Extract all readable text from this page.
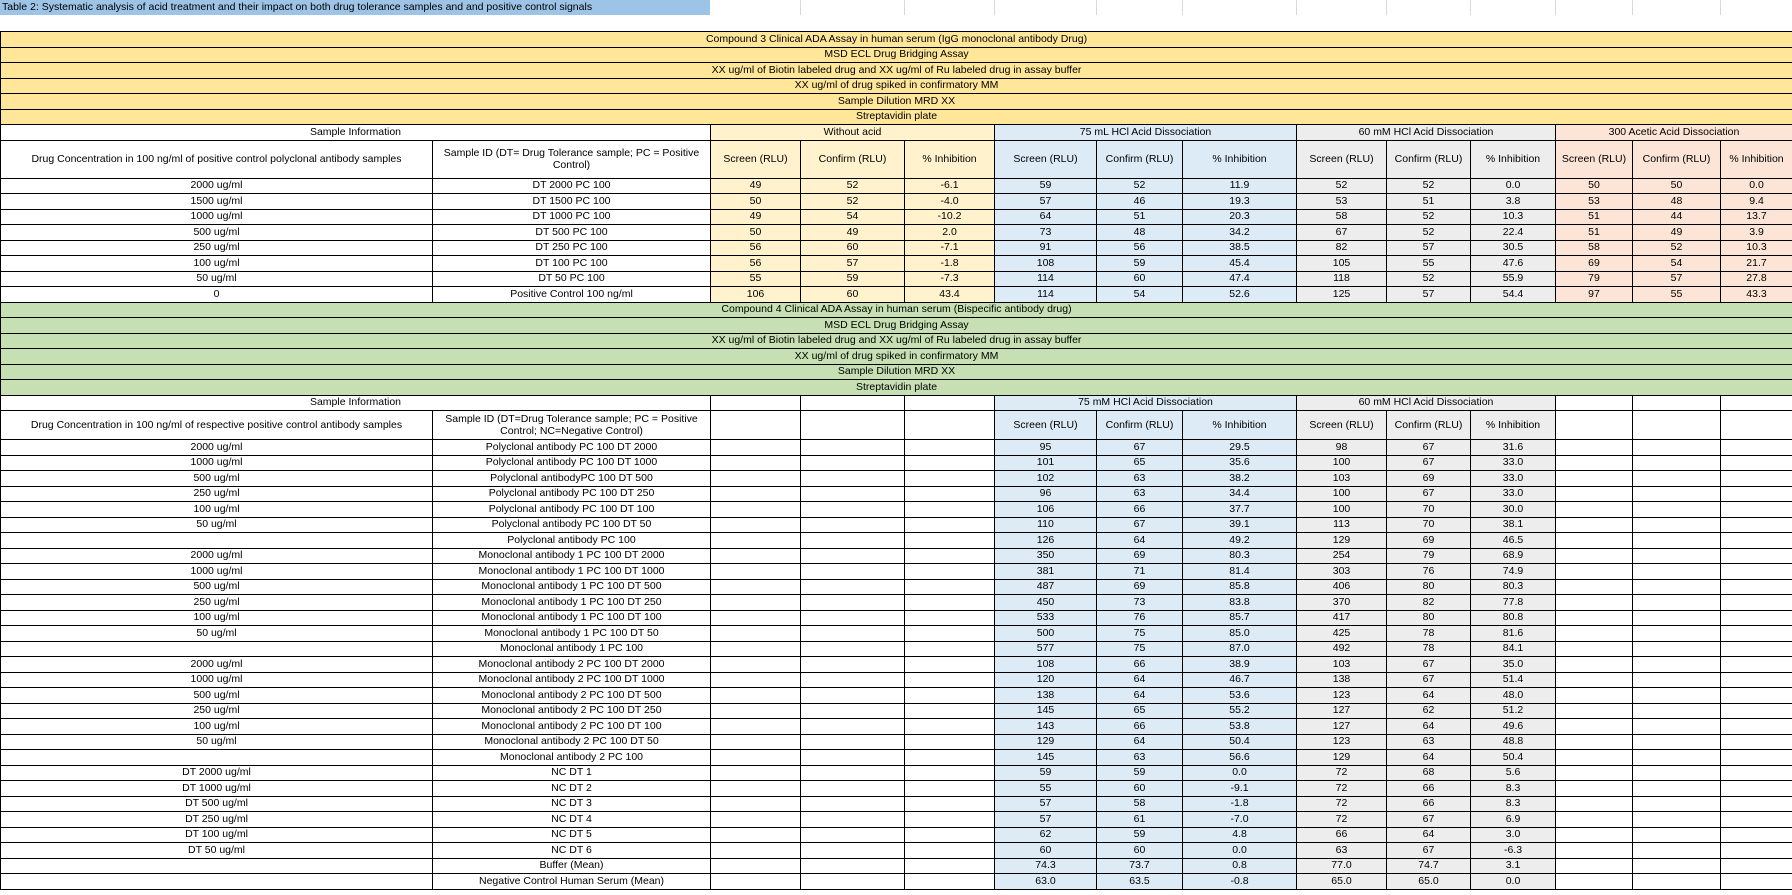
Table 2: Systematic analysis of acid treatment and their impact on both drug tolerance samples and and positive control signals
Compound 3 Clinical ADA Assay in human serum (IgG monoclonal antibody Drug)													
MSD ECL Drug Bridging Assay													
XX ug/ml of Biotin labeled drug and XX ug/ml of Ru labeled drug in assay buffer													
XX ug/ml of drug spiked in confirmatory MM													
Sample Dilution MRD XX													
Streptavidin plate													
Sample Information		Without acid			75 mL HCl Acid Dissociation			60 mM HCl Acid Dissociation			300 Acetic Acid Dissociation		
Drug Concentration in 100 ng/ml of positive control polyclonal antibody samples	Sample ID (DT= Drug Tolerance sample; PC = Positive Control)	Screen (RLU)	Confirm (RLU)	% Inhibition	Screen (RLU)	Confirm (RLU)	% Inhibition	Screen (RLU)	Confirm (RLU)	% Inhibition	Screen (RLU)	Confirm (RLU)	% Inhibition
2000 ug/ml	DT 2000 PC 100	49	52	-6.1	59	52	11.9	52	52	0.0	50	50	0.0
1500 ug/ml	DT 1500 PC 100	50	52	-4.0	57	46	19.3	53	51	3.8	53	48	9.4
1000 ug/ml	DT 1000 PC 100	49	54	-10.2	64	51	20.3	58	52	10.3	51	44	13.7
500 ug/ml	DT 500 PC 100	50	49	2.0	73	48	34.2	67	52	22.4	51	49	3.9
250 ug/ml	DT 250 PC 100	56	60	-7.1	91	56	38.5	82	57	30.5	58	52	10.3
100 ug/ml	DT 100 PC 100	56	57	-1.8	108	59	45.4	105	55	47.6	69	54	21.7
50 ug/ml	DT 50 PC 100	55	59	-7.3	114	60	47.4	118	52	55.9	79	57	27.8
0	Positive Control 100 ng/ml	106	60	43.4	114	54	52.6	125	57	54.4	97	55	43.3
Compound 4 Clinical ADA Assay in human serum (Bispecific antibody drug)													
MSD ECL Drug Bridging Assay													
XX ug/ml of Biotin labeled drug and XX ug/ml of Ru labeled drug in assay buffer													
XX ug/ml of drug spiked in confirmatory MM													
Sample Dilution MRD XX													
Streptavidin plate													
Sample Information					75 mM HCl Acid Dissociation			60 mM HCl Acid Dissociation					
Drug Concentration in 100 ng/ml of respective positive control antibody samples	Sample ID (DT=Drug Tolerance sample; PC = Positive Control; NC=Negative Control)				Screen (RLU)	Confirm (RLU)	% Inhibition	Screen (RLU)	Confirm (RLU)	% Inhibition			
2000 ug/ml	Polyclonal antibody PC 100 DT 2000				95	67	29.5	98	67	31.6			
1000 ug/ml	Polyclonal antibody PC 100 DT 1000				101	65	35.6	100	67	33.0			
500 ug/ml	Polyclonal antibodyPC 100 DT 500				102	63	38.2	103	69	33.0			
250 ug/ml	Polyclonal antibody PC 100 DT 250				96	63	34.4	100	67	33.0			
100 ug/ml	Polyclonal antibody PC 100 DT 100				106	66	37.7	100	70	30.0			
50 ug/ml	Polyclonal antibody PC 100 DT 50				110	67	39.1	113	70	38.1			
	Polyclonal antibody PC 100				126	64	49.2	129	69	46.5			
2000 ug/ml	Monoclonal antibody 1 PC 100 DT 2000				350	69	80.3	254	79	68.9			
1000 ug/ml	Monoclonal antibody 1 PC 100 DT 1000				381	71	81.4	303	76	74.9			
500 ug/ml	Monoclonal antibody 1 PC 100 DT 500				487	69	85.8	406	80	80.3			
250 ug/ml	Monoclonal antibody 1 PC 100 DT 250				450	73	83.8	370	82	77.8			
100 ug/ml	Monoclonal antibody 1 PC 100 DT 100				533	76	85.7	417	80	80.8			
50 ug/ml	Monoclonal antibody 1 PC 100 DT 50				500	75	85.0	425	78	81.6			
	Monoclonal antibody 1 PC 100				577	75	87.0	492	78	84.1			
2000 ug/ml	Monoclonal antibody 2 PC 100 DT 2000				108	66	38.9	103	67	35.0			
1000 ug/ml	Monoclonal antibody 2 PC 100 DT 1000				120	64	46.7	138	67	51.4			
500 ug/ml	Monoclonal antibody 2 PC 100 DT 500				138	64	53.6	123	64	48.0			
250 ug/ml	Monoclonal antibody 2 PC 100 DT 250				145	65	55.2	127	62	51.2			
100 ug/ml	Monoclonal antibody 2 PC 100 DT 100				143	66	53.8	127	64	49.6			
50 ug/ml	Monoclonal antibody 2 PC 100 DT 50				129	64	50.4	123	63	48.8			
	Monoclonal antibody 2 PC 100				145	63	56.6	129	64	50.4			
DT 2000 ug/ml	NC DT 1				59	59	0.0	72	68	5.6			
DT 1000 ug/ml	NC DT 2				55	60	-9.1	72	66	8.3			
DT 500 ug/ml	NC DT 3				57	58	-1.8	72	66	8.3			
DT 250 ug/ml	NC DT 4				57	61	-7.0	72	67	6.9			
DT 100 ug/ml	NC DT 5				62	59	4.8	66	64	3.0			
DT 50 ug/ml	NC DT 6				60	60	0.0	63	67	-6.3			
	Buffer (Mean)				74.3	73.7	0.8	77.0	74.7	3.1			
	Negative Control Human Serum (Mean)				63.0	63.5	-0.8	65.0	65.0	0.0			
